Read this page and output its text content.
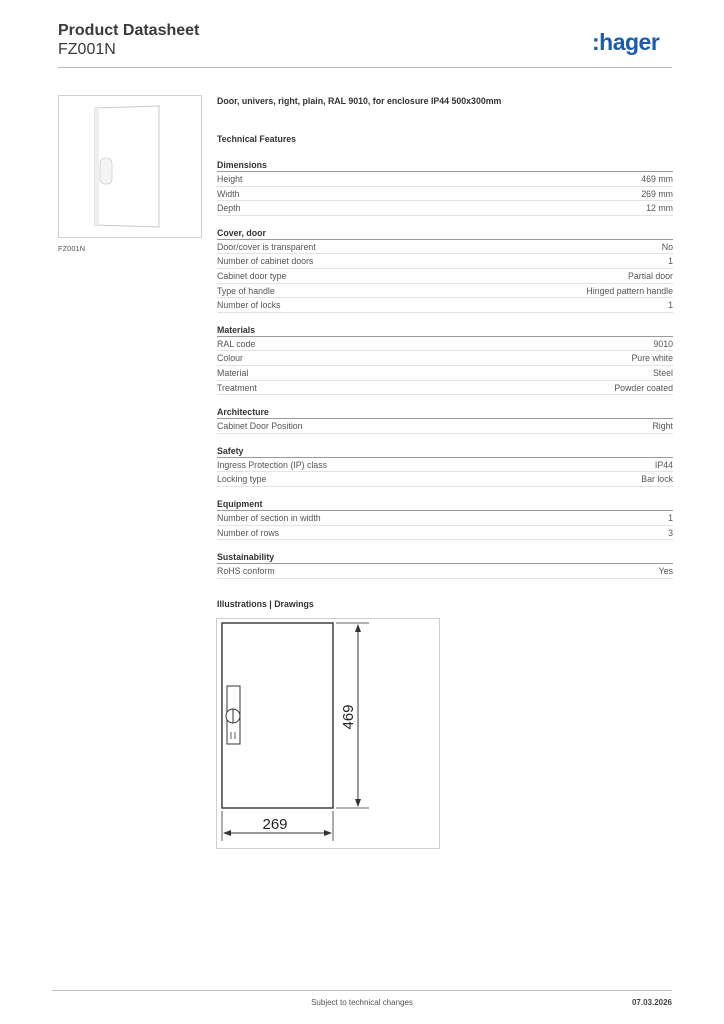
Product Datasheet
FZ001N	:hager
FZ001N
Door, univers, right, plain, RAL 9010, for enclosure IP44 500x300mm
Technical Features
Dimensions
Height	469 mm
Width	269 mm
Depth	12 mm
Cover, door
Door/cover is transparent	No
Number of cabinet doors	1
Cabinet door type	Partial door
Type of handle	Hinged pattern handle
Number of locks	1
Materials
RAL code	9010
Colour	Pure white
Material	Steel
Treatment	Powder coated
Architecture
Cabinet Door Position	Right
Safety
Ingress Protection (IP) class	IP44
Locking type	Bar lock
Equipment
Number of section in width	1
Number of rows	3
Sustainability
RoHS conform	Yes
Illustrations | Drawings
469
269
Subject to technical changes	07.03.2026
